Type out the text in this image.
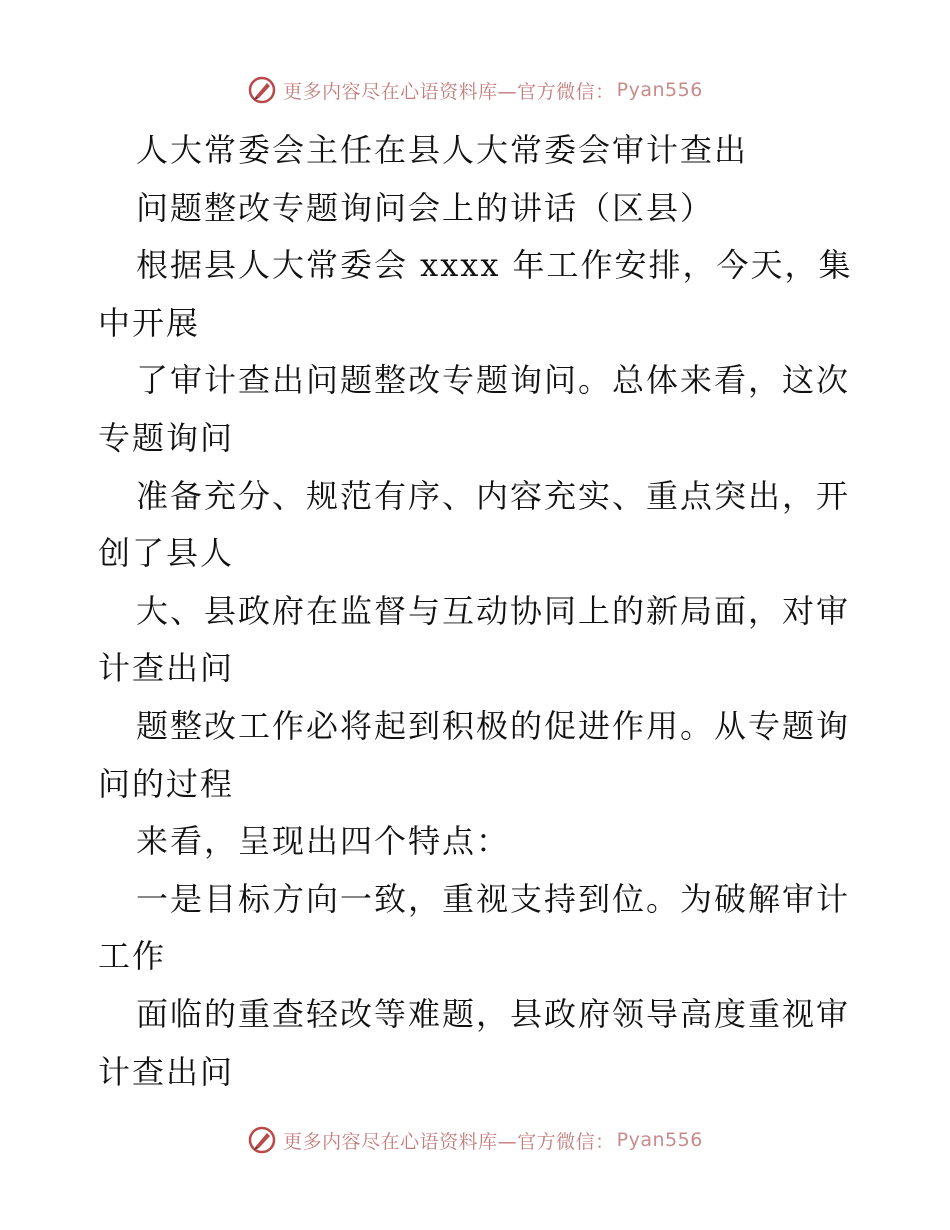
更多内容尽在心语资料库—官方微信： Pyan556
人大常委会主任在县人大常委会审计查出
问题整改专题询问会上的讲话（区县）
根据县人大常委会 xxxx 年工作安排，今天，集
中开展
了审计查出问题整改专题询问。总体来看，这次
专题询问
准备充分、规范有序、内容充实、重点突出，开
创了县人
大、县政府在监督与互动协同上的新局面，对审
计查出问
题整改工作必将起到积极的促进作用。从专题询
问的过程
来看，呈现出四个特点：
一是目标方向一致，重视支持到位。为破解审计
工作
面临的重查轻改等难题，县政府领导高度重视审
计查出问
更多内容尽在心语资料库—官方微信： Pyan556
